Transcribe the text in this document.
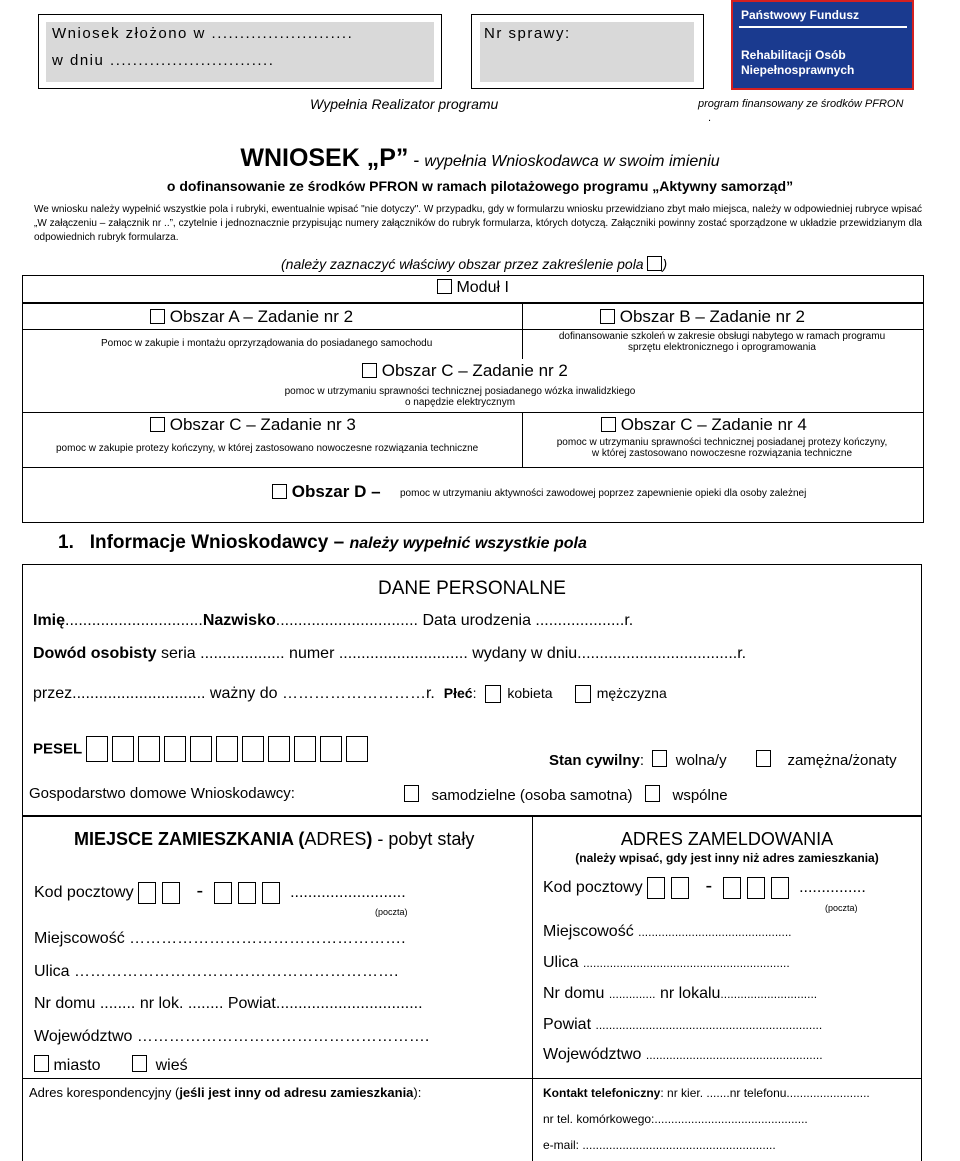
Wniosek złożono w .........................
w dniu .............................
Nr sprawy:
Państwowy Fundusz
Rehabilitacji Osób
Niepełnosprawnych
Wypełnia Realizator programu	program finansowany ze środków PFRON
.
WNIOSEK „P” - wypełnia Wnioskodawca w swoim imieniu
o dofinansowanie ze środków PFRON w ramach pilotażowego programu „Aktywny samorząd”
We wniosku należy wypełnić wszystkie pola i rubryki, ewentualnie wpisać "nie dotyczy". W przypadku, gdy w formularzu wniosku przewidziano zbyt mało miejsca, należy w odpowiedniej rubryce wpisać „W załączeniu – załącznik nr ..”, czytelnie i jednoznacznie przypisując numery załączników do rubryk formularza, których dotyczą. Załączniki powinny zostać sporządzone w układzie przewidzianym dla odpowiednich rubryk formularza.
(należy zaznaczyć właściwy obszar przez zakreślenie pola )
Moduł I
Obszar A – Zadanie nr 2
Pomoc w zakupie i montażu oprzyrządowania do posiadanego samochodu
Obszar B – Zadanie nr 2
dofinansowanie szkoleń w zakresie obsługi nabytego w ramach programu
sprzętu elektronicznego i oprogramowania
Obszar C – Zadanie nr 2
pomoc w utrzymaniu sprawności technicznej posiadanego wózka inwalidzkiego
o napędzie elektrycznym
Obszar C – Zadanie nr 3
pomoc w zakupie protezy kończyny, w której zastosowano nowoczesne rozwiązania techniczne
Obszar C – Zadanie nr 4
pomoc w utrzymaniu sprawności technicznej posiadanej protezy kończyny,
w której zastosowano nowoczesne rozwiązania techniczne
Obszar D – pomoc w utrzymaniu aktywności zawodowej poprzez zapewnienie opieki dla osoby zależnej
1. Informacje Wnioskodawcy – należy wypełnić wszystkie pola
DANE PERSONALNE
Imię...............................Nazwisko................................ Data urodzenia ....................r.
Dowód osobisty seria ................... numer ............................. wydany w dniu....................................r.
przez.............................. ważny do ………………………r. Płeć: kobieta	mężczyzna
PESEL
Stan cywilny: wolna/y	zamężna/żonaty
Gospodarstwo domowe Wnioskodawcy:	samodzielne (osoba samotna)	wspólne
MIEJSCE ZAMIESZKANIA (ADRES) - pobyt stały
Kod pocztowy	-	..........................
(poczta)
Miejscowość …………………………………………….
Ulica …………………………………………………….
Nr domu ........ nr lok. ........ Powiat.................................
Województwo ……………………………………………….
miasto	wieś
ADRES ZAMELDOWANIA
(należy wpisać, gdy jest inny niż adres zamieszkania)
Kod pocztowy	-	...............
(poczta)
Miejscowość ..............................................
Ulica ..............................................................
Nr domu .............. nr lokalu.............................
Powiat ....................................................................
Województwo .....................................................
Adres korespondencyjny (jeśli jest inny od adresu zamieszkania):	Kontakt telefoniczny: nr kier. .......nr telefonu.........................
nr tel. komórkowego:..............................................
e-mail: ..........................................................
